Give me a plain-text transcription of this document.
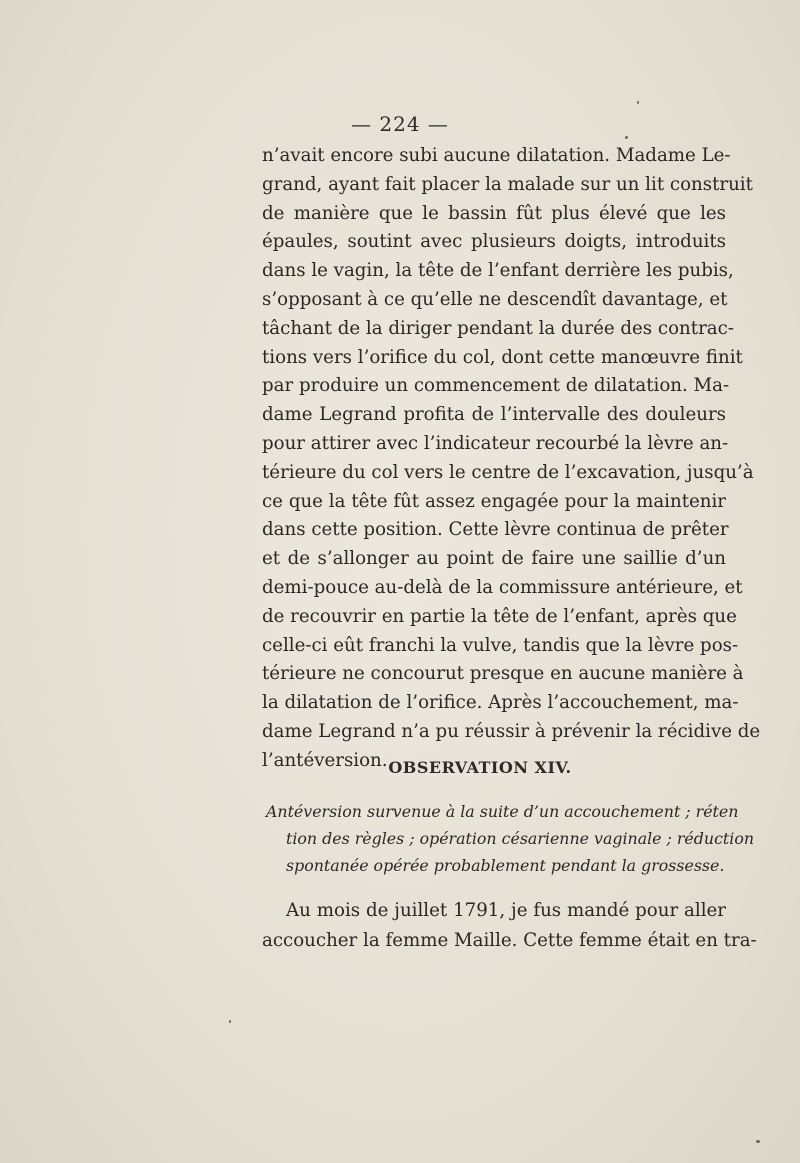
— 224 —
n’avait encore subi aucune dilatation. Madame Le-
grand, ayant fait placer la malade sur un lit construit
de manière que le bassin fût plus élevé que les
épaules, soutint avec plusieurs doigts, introduits
dans le vagin, la tête de l’enfant derrière les pubis,
s’opposant à ce qu’elle ne descendît davantage, et
tâchant de la diriger pendant la durée des contrac-
tions vers l’orifice du col, dont cette manœuvre finit
par produire un commencement de dilatation. Ma-
dame Legrand profita de l’intervalle des douleurs
pour attirer avec l’indicateur recourbé la lèvre an-
térieure du col vers le centre de l’excavation, jusqu’à
ce que la tête fût assez engagée pour la maintenir
dans cette position. Cette lèvre continua de prêter
et de s’allonger au point de faire une saillie d’un
demi-pouce au-delà de la commissure antérieure, et
de recouvrir en partie la tête de l’enfant, après que
celle-ci eût franchi la vulve, tandis que la lèvre pos-
térieure ne concourut presque en aucune manière à
la dilatation de l’orifice. Après l’accouchement, ma-
dame Legrand n’a pu réussir à prévenir la récidive de
l’antéversion. OBSERVATION XIV.
Antéversion survenue à la suite d’un accouchement ; réten
tion des règles ; opération césarienne vaginale ; réduction
spontanée opérée probablement pendant la grossesse.
Au mois de juillet 1791, je fus mandé pour aller
accoucher la femme Maille. Cette femme était en tra-
